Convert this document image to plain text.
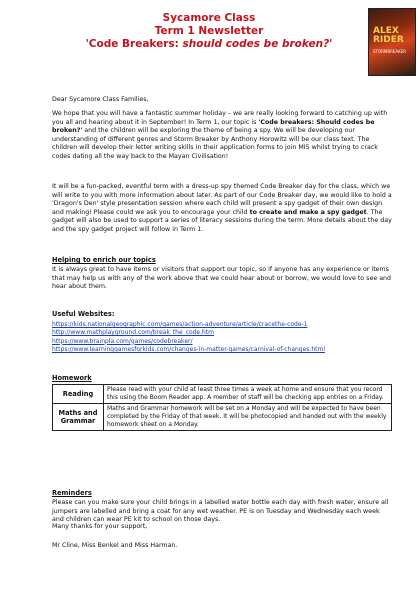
Sycamore Class
Term 1 Newsletter
'Code Breakers: should codes be broken?'
ALEX
RIDER
STORMBREAKER
Dear Sycamore Class Families,
We hope that you will have a fantastic summer holiday – we are really looking forward to catching up with you all and hearing about it in September! In Term 1, our topic is 'Code breakers: Should codes be broken?' and the children will be exploring the theme of being a spy. We will be developing our understanding of different genres and Storm Breaker by Anthony Horowitz will be our class text. The children will develop their letter writing skills in their application forms to join MI5 whilst trying to crack codes dating all the way back to the Mayan Civilisation!
It will be a fun-packed, eventful term with a dress-up spy themed Code Breaker day for the class, which we will write to you with more information about later. As part of our Code Breaker day, we would like to hold a 'Dragon's Den' style presentation session where each child will present a spy gadget of their own design and making! Please could we ask you to encourage your child to create and make a spy gadget. The gadget will also be used to support a series of literacy sessions during the term. More details about the day and the spy gadget project will follow in Term 1.
Helping to enrich our topics
It is always great to have items or visitors that support our topic, so if anyone has any experience or items that may help us with any of the work above that we could hear about or borrow, we would love to see and hear about them.
Useful Websites:
https://kids.nationalgeographic.com/games/action-adventure/article/cracethe-code-1
http://www.mathplayground.com/break_the_code.htm
https://www.brainpla.com/games/codebreaker/
https://www.learninggamesforkids.com/changes-in-matter-games/carnival-of-changes.html
Homework
Reading	Please read with your child at least three times a week at home and ensure that you record this using the Boom Reader app. A member of staff will be checking app entries on a Friday.
Maths and Grammar	Maths and Grammar homework will be set on a Monday and will be expected to have been completed by the Friday of that week. It will be photocopied and handed out with the weekly homework sheet on a Monday.
Reminders
Please can you make sure your child brings in a labelled water bottle each day with fresh water, ensure all jumpers are labelled and bring a coat for any wet weather. PE is on Tuesday and Wednesday each week and children can wear PE kit to school on those days.
Many thanks for your support,
Mr Cline, Miss Benkel and Miss Harman.
